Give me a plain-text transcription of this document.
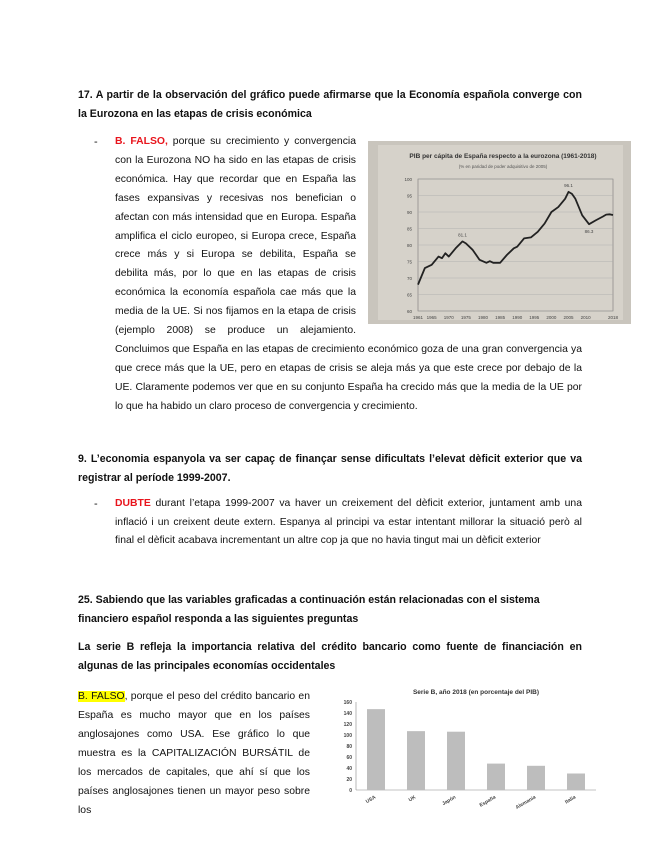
17. A partir de la observación del gráfico puede afirmarse que la Economía española converge con la Eurozona en las etapas de crisis económica
-
PIB per cápita de España respecto a la eurozona (1961-2018)
(% en paridad de poder adquisitivo de 2005)
60
65
70
75
80
85
90
95
100
1961 1965 1970 1975 1980 1985 1990 1995 2000 2005 2010	2018
81.1
96.1
86.3
B. FALSO, porque su crecimiento y convergencia con la Eurozona NO ha sido en las etapas de crisis económica. Hay que recordar que en España las fases expansivas y recesivas nos benefician o afectan con más intensidad que en Europa. España amplifica el ciclo europeo, si Europa crece, España crece más y si Europa se debilita, España se debilita más, por lo que en las etapas de crisis económica la economía española cae más que la media de la UE. Si nos fijamos en la etapa de crisis (ejemplo 2008) se produce un alejamiento. Concluimos que España en las etapas de crecimiento económico goza de una gran convergencia ya que crece más que la UE, pero en etapas de crisis se aleja más ya que este crece por debajo de la UE. Claramente podemos ver que en su conjunto España ha crecido más que la media de la UE por lo que ha habido un claro proceso de convergencia y crecimiento.
9. L’economia espanyola va ser capaç de finançar sense dificultats l’elevat dèficit exterior que va registrar al període 1999-2007.
- DUBTE durant l’etapa 1999-2007 va haver un creixement del dèficit exterior, juntament amb una inflació i un creixent deute extern. Espanya al principi va estar intentant millorar la situació però al final el dèficit acabava incrementant un altre cop ja que no havia tingut mai un dèficit exterior
25. Sabiendo que las variables graficadas a continuación están relacionadas con el sistema financiero español responda a las siguientes preguntas
La serie B refleja la importancia relativa del crédito bancario como fuente de financiación en algunas de las principales economías occidentales
B. FALSO, porque el peso del crédito bancario en España es mucho mayor que en los países anglosajones como USA. Ese gráfico lo que muestra es la CAPITALIZACIÓN BURSÁTIL de los mercados de capitales, que ahí sí que los países anglosajones tienen un mayor peso sobre los
Serie B, año 2018 (en porcentaje del PIB)
0
20
40
60
80
100
120
140
160
USA	UK	Japón	España	Alemania	Italia
